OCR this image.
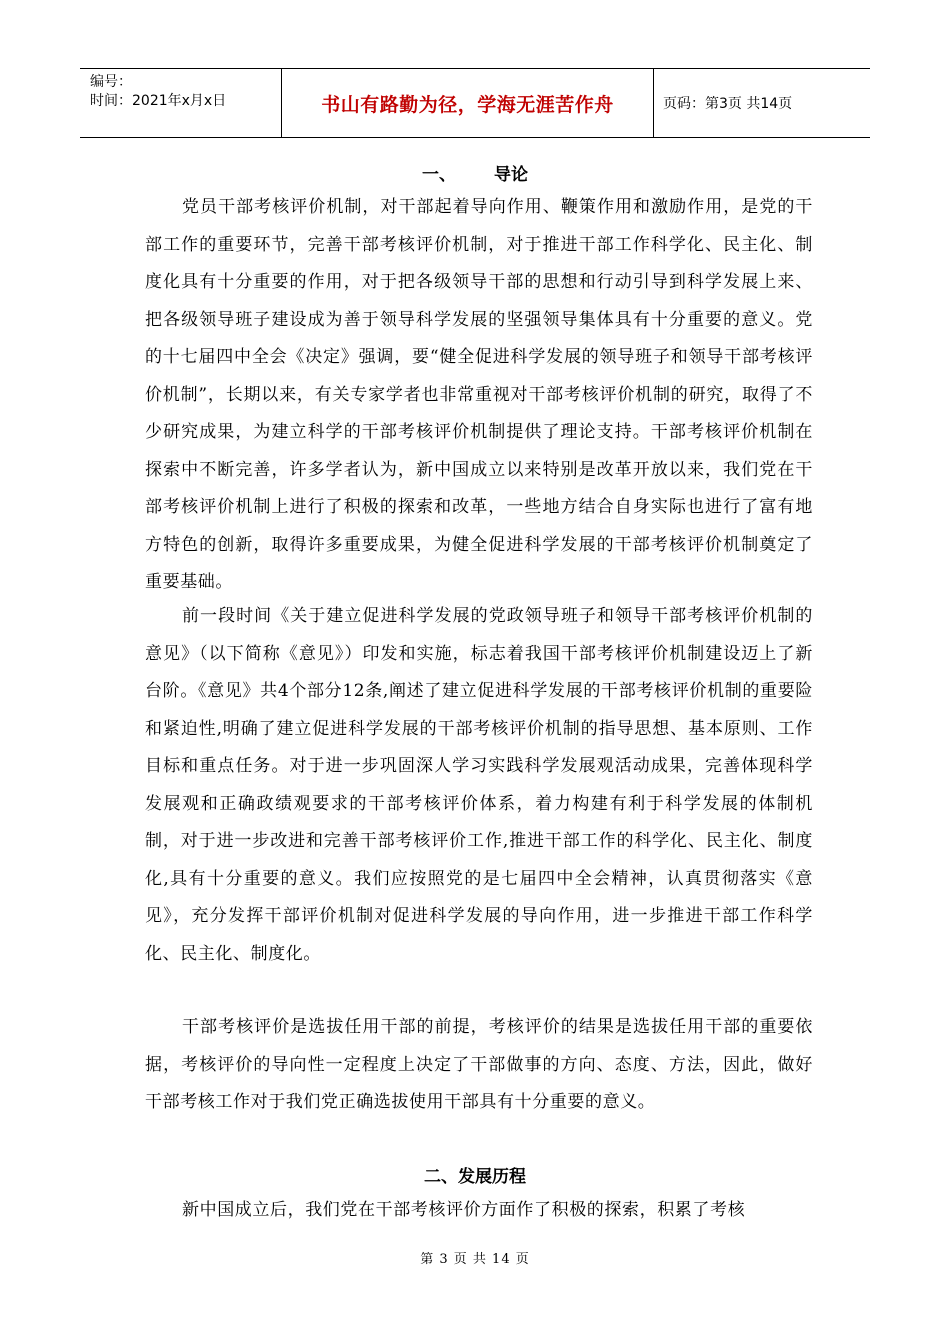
编号：
时间：2021年x月x日	书山有路勤为径，学海无涯苦作舟	页码：第3页 共14页
一、 导论
党员干部考核评价机制，对干部起着导向作用、鞭策作用和激励作用，是党的干部工作的重要环节，完善干部考核评价机制，对于推进干部工作科学化、民主化、制度化具有十分重要的作用，对于把各级领导干部的思想和行动引导到科学发展上来、把各级领导班子建设成为善于领导科学发展的坚强领导集体具有十分重要的意义。党的十七届四中全会《决定》强调，要“健全促进科学发展的领导班子和领导干部考核评价机制”，长期以来，有关专家学者也非常重视对干部考核评价机制的研究，取得了不少研究成果，为建立科学的干部考核评价机制提供了理论支持。干部考核评价机制在探索中不断完善，许多学者认为，新中国成立以来特别是改革开放以来，我们党在干部考核评价机制上进行了积极的探索和改革，一些地方结合自身实际也进行了富有地方特色的创新，取得许多重要成果，为健全促进科学发展的干部考核评价机制奠定了重要基础。
前一段时间《关于建立促进科学发展的党政领导班子和领导干部考核评价机制的意见》（以下简称《意见》）印发和实施，标志着我国干部考核评价机制建设迈上了新台阶。《意见》共4个部分12条,阐述了建立促进科学发展的干部考核评价机制的重要险和紧迫性,明确了建立促进科学发展的干部考核评价机制的指导思想、基本原则、工作目标和重点任务。对于进一步巩固深人学习实践科学发展观活动成果，完善体现科学发展观和正确政绩观要求的干部考核评价体系，着力构建有利于科学发展的体制机制，对于进一步改进和完善干部考核评价工作,推进干部工作的科学化、民主化、制度化,具有十分重要的意义。我们应按照党的是七届四中全会精神，认真贯彻落实《意见》，充分发挥干部评价机制对促进科学发展的导向作用，进一步推进干部工作科学化、民主化、制度化。
干部考核评价是选拔任用干部的前提，考核评价的结果是选拔任用干部的重要依据，考核评价的导向性一定程度上决定了干部做事的方向、态度、方法，因此，做好干部考核工作对于我们党正确选拔使用干部具有十分重要的意义。
二、发展历程
新中国成立后，我们党在干部考核评价方面作了积极的探索，积累了考核
第 3 页 共 14 页
